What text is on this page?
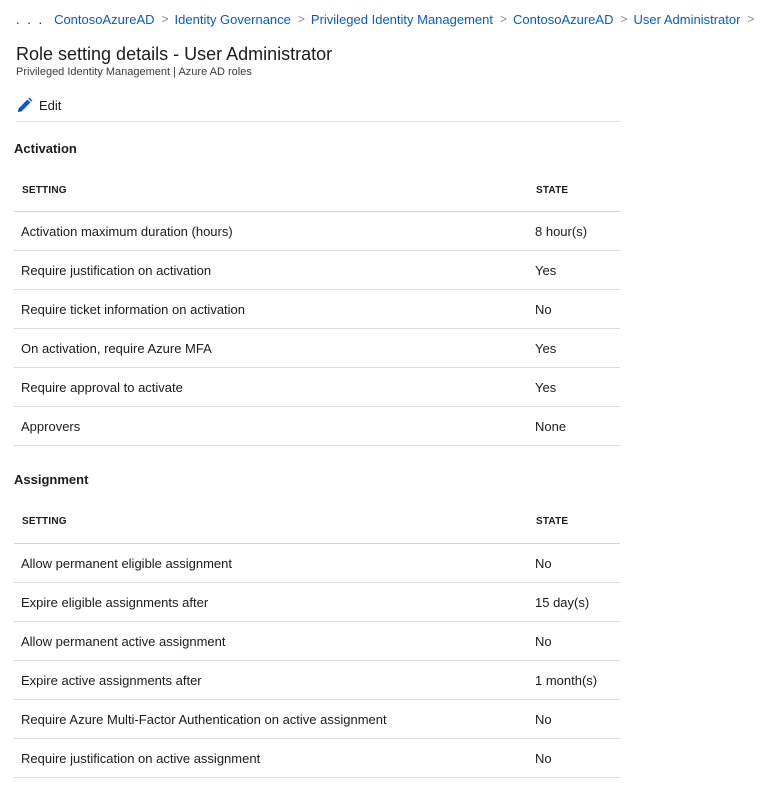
. . . ContosoAzureAD > Identity Governance > Privileged Identity Management > ContosoAzureAD > User Administrator >
Role setting details - User Administrator
Privileged Identity Management | Azure AD roles
Edit
Activation
SETTING	STATE
Activation maximum duration (hours)	8 hour(s)
Require justification on activation	Yes
Require ticket information on activation	No
On activation, require Azure MFA	Yes
Require approval to activate	Yes
Approvers	None
Assignment
SETTING	STATE
Allow permanent eligible assignment	No
Expire eligible assignments after	15 day(s)
Allow permanent active assignment	No
Expire active assignments after	1 month(s)
Require Azure Multi-Factor Authentication on active assignment	No
Require justification on active assignment	No
